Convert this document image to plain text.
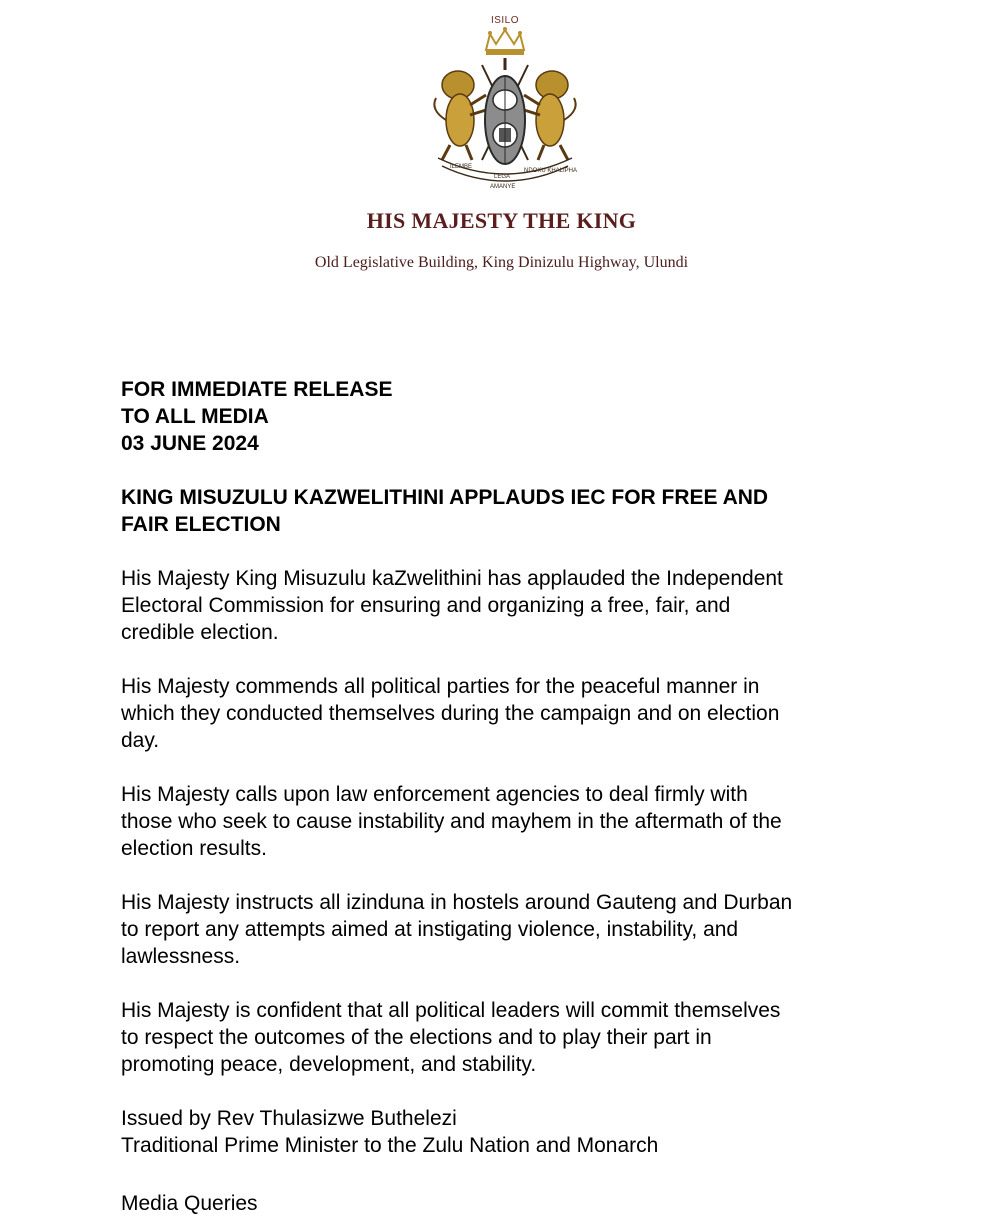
ILEMBE
LEGA
NDOKU KHALIPHA
AMANYE
ISILO
HIS MAJESTY THE KING
Old Legislative Building, King Dinizulu Highway, Ulundi

FOR IMMEDIATE RELEASE
TO ALL MEDIA
03 JUNE 2024

KING MISUZULU KAZWELITHINI APPLAUDS IEC FOR FREE AND
FAIR ELECTION

His Majesty King Misuzulu kaZwelithini has applauded the Independent
Electoral Commission for ensuring and organizing a free, fair, and
credible election.

His Majesty commends all political parties for the peaceful manner in
which they conducted themselves during the campaign and on election
day.

His Majesty calls upon law enforcement agencies to deal firmly with
those who seek to cause instability and mayhem in the aftermath of the
election results.

His Majesty instructs all izinduna in hostels around Gauteng and Durban
to report any attempts aimed at instigating violence, instability, and
lawlessness.

His Majesty is confident that all political leaders will commit themselves
to respect the outcomes of the elections and to play their part in
promoting peace, development, and stability.

Issued by Rev Thulasizwe Buthelezi
Traditional Prime Minister to the Zulu Nation and Monarch

Media Queries
